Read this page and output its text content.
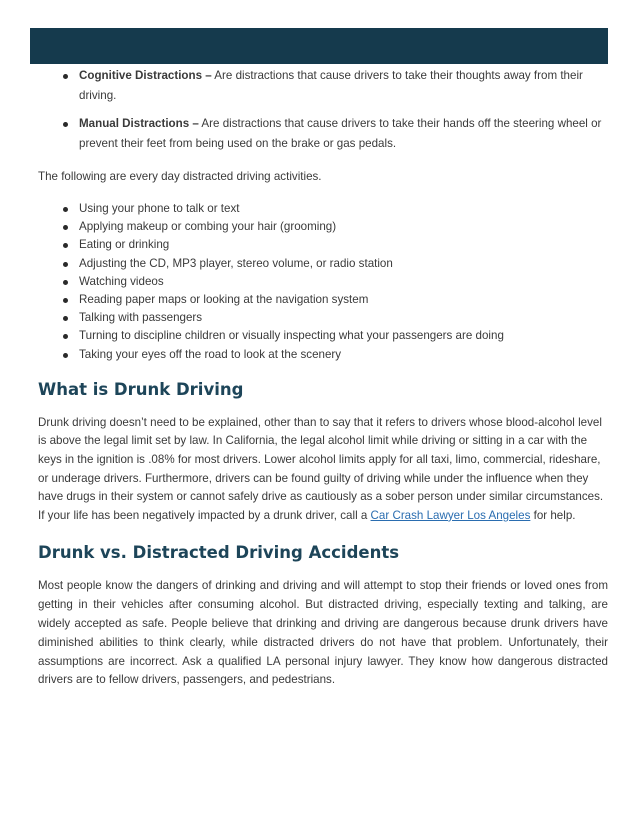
Cognitive Distractions – Are distractions that cause drivers to take their thoughts away from their driving.
Manual Distractions – Are distractions that cause drivers to take their hands off the steering wheel or prevent their feet from being used on the brake or gas pedals.

The following are every day distracted driving activities.

Using your phone to talk or text
Applying makeup or combing your hair (grooming)
Eating or drinking
Adjusting the CD, MP3 player, stereo volume, or radio station
Watching videos
Reading paper maps or looking at the navigation system
Talking with passengers
Turning to discipline children or visually inspecting what your passengers are doing
Taking your eyes off the road to look at the scenery
What is Drunk Driving

Drunk driving doesn’t need to be explained, other than to say that it refers to drivers whose blood-alcohol level is above the legal limit set by law. In California, the legal alcohol limit while driving or sitting in a car with the keys in the ignition is .08% for most drivers. Lower alcohol limits apply for all taxi, limo, commercial, rideshare, or underage drivers. Furthermore, drivers can be found guilty of driving while under the influence when they have drugs in their system or cannot safely drive as cautiously as a sober person under similar circumstances. If your life has been negatively impacted by a drunk driver, call a Car Crash Lawyer Los Angeles for help.

Drunk vs. Distracted Driving Accidents

Most people know the dangers of drinking and driving and will attempt to stop their friends or loved ones from getting in their vehicles after consuming alcohol. But distracted driving, especially texting and talking, are widely accepted as safe. People believe that drinking and driving are dangerous because drunk drivers have diminished abilities to think clearly, while distracted drivers do not have that problem. Unfortunately, their assumptions are incorrect. Ask a qualified LA personal injury lawyer. They know how dangerous distracted drivers are to fellow drivers, passengers, and pedestrians.
